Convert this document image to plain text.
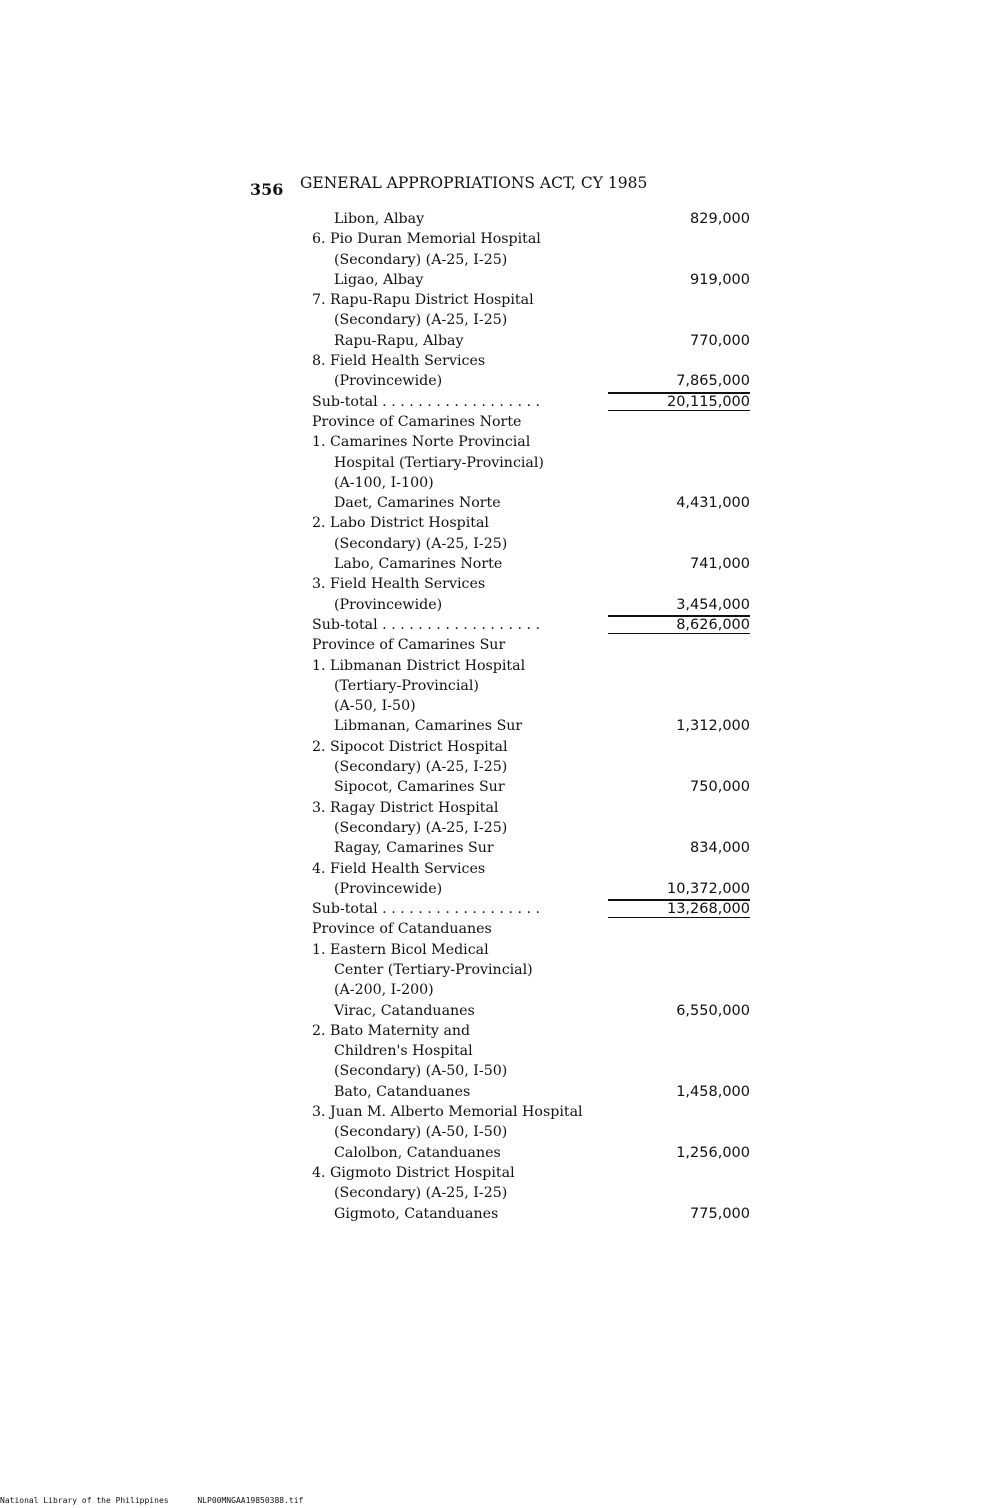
356 GENERAL APPROPRIATIONS ACT, CY 1985
Libon, Albay	829,000
6. Pio Duran Memorial Hospital
(Secondary) (A-25, I-25)
Ligao, Albay	919,000
7. Rapu-Rapu District Hospital
(Secondary) (A-25, I-25)
Rapu-Rapu, Albay	770,000
8. Field Health Services
(Provincewide)	7,865,000
Sub-total . . . . . . . . . . . . . . . . . .	20,115,000
Province of Camarines Norte
1. Camarines Norte Provincial
Hospital (Tertiary-Provincial)
(A-100, I-100)
Daet, Camarines Norte	4,431,000
2. Labo District Hospital
(Secondary) (A-25, I-25)
Labo, Camarines Norte	741,000
3. Field Health Services
(Provincewide)	3,454,000
Sub-total . . . . . . . . . . . . . . . . . .	8,626,000
Province of Camarines Sur
1. Libmanan District Hospital
(Tertiary-Provincial)
(A-50, I-50)
Libmanan, Camarines Sur	1,312,000
2. Sipocot District Hospital
(Secondary) (A-25, I-25)
Sipocot, Camarines Sur	750,000
3. Ragay District Hospital
(Secondary) (A-25, I-25)
Ragay, Camarines Sur	834,000
4. Field Health Services
(Provincewide)	10,372,000
Sub-total . . . . . . . . . . . . . . . . . .	13,268,000
Province of Catanduanes
1. Eastern Bicol Medical
Center (Tertiary-Provincial)
(A-200, I-200)
Virac, Catanduanes	6,550,000
2. Bato Maternity and
Children's Hospital
(Secondary) (A-50, I-50)
Bato, Catanduanes	1,458,000
3. Juan M. Alberto Memorial Hospital
(Secondary) (A-50, I-50)
Calolbon, Catanduanes	1,256,000
4. Gigmoto District Hospital
(Secondary) (A-25, I-25)
Gigmoto, Catanduanes	775,000
National Library of the Philippines	NLP00MNGAA19850388.tif
